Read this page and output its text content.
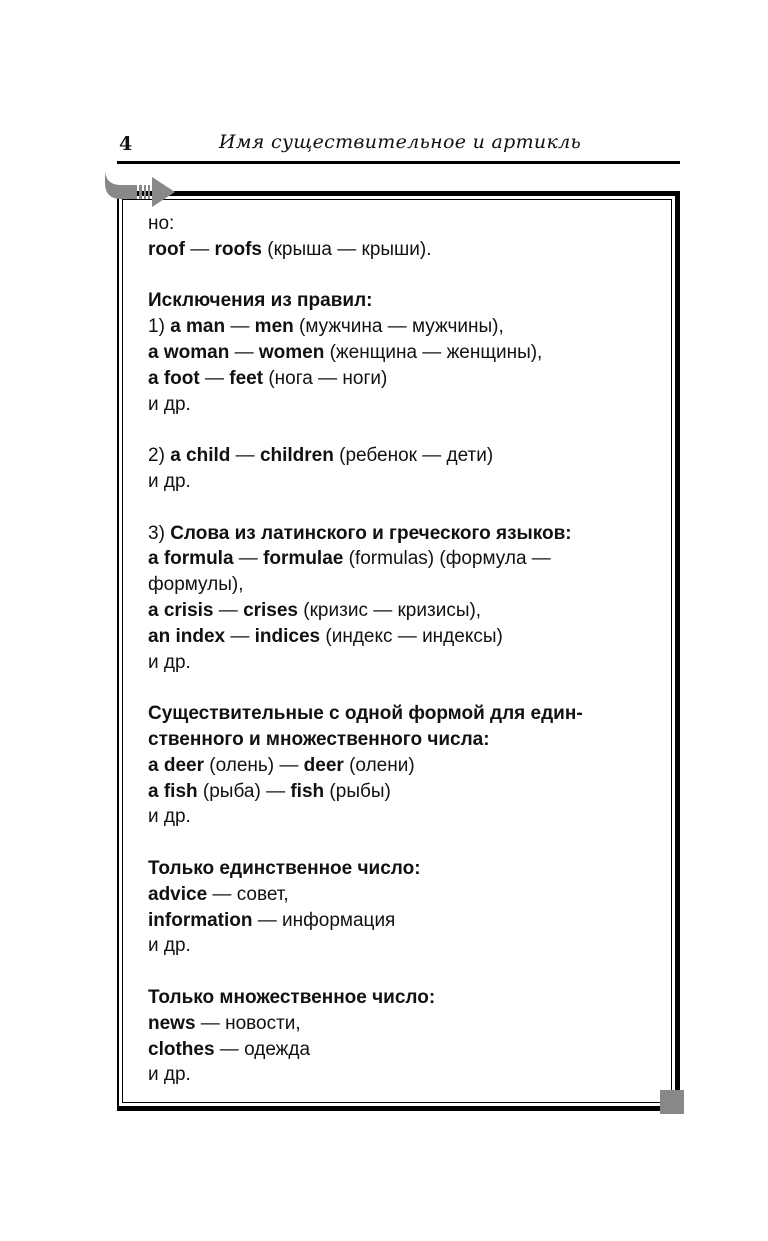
4	Имя существительное и артикль
но:
roof — roofs (крыша — крыши).
Исключения из правил:
1) a man — men (мужчина — мужчины),
a woman — women (женщина — женщины),
a foot — feet (нога — ноги)
и др.
2) a child — children (ребенок — дети)
и др.
3) Слова из латинского и греческого языков:
a formula — formulae (formulas) (формула —
формулы),
a crisis — crises (кризис — кризисы),
an index — indices (индекс — индексы)
и др.
Существительные с одной формой для един-
ственного и множественного числа:
a deer (олень) — deer (олени)
a fish (рыба) — fish (рыбы)
и др.
Только единственное число:
advice — совет,
information — информация
и др.
Только множественное число:
news — новости,
clothes — одежда
и др.
